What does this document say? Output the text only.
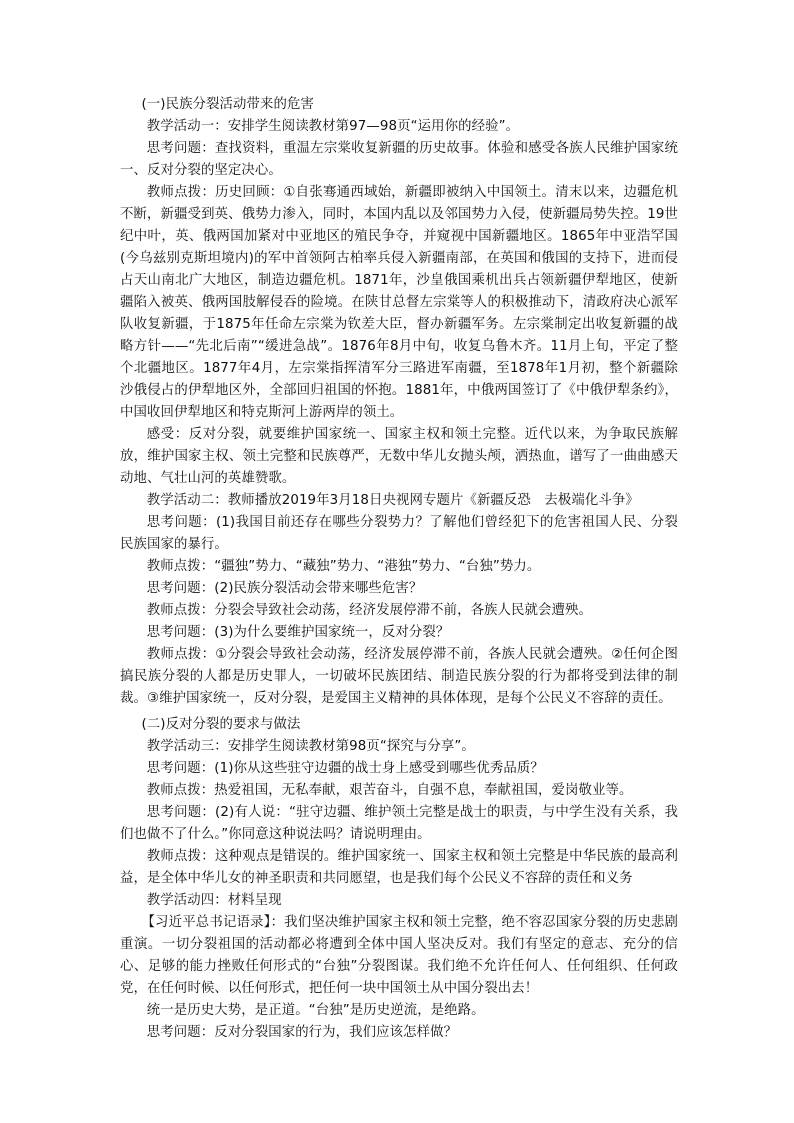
(一)民族分裂活动带来的危害

教学活动一：安排学生阅读教材第97—98页“运用你的经验”。

思考问题：查找资料，重温左宗棠收复新疆的历史故事。体验和感受各族人民维护国家统一、反对分裂的坚定决心。

教师点拨：历史回顾：①自张骞通西域始，新疆即被纳入中国领土。清末以来，边疆危机不断，新疆受到英、俄势力渗入，同时，本国内乱以及邻国势力入侵，使新疆局势失控。19世纪中叶，英、俄两国加紧对中亚地区的殖民争夺，并窥视中国新疆地区。1865年中亚浩罕国(今乌兹别克斯坦境内)的军中首领阿古柏率兵侵入新疆南部，在英国和俄国的支持下，进而侵占天山南北广大地区，制造边疆危机。1871年，沙皇俄国乘机出兵占领新疆伊犁地区，使新疆陷入被英、俄两国肢解侵吞的险境。在陕甘总督左宗棠等人的积极推动下，清政府决心派军队收复新疆，于1875年任命左宗棠为钦差大臣，督办新疆军务。左宗棠制定出收复新疆的战略方针——“先北后南”“缓进急战”。1876年8月中旬，收复乌鲁木齐。11月上旬，平定了整个北疆地区。1877年4月，左宗棠指挥清军分三路进军南疆，至1878年1月初，整个新疆除沙俄侵占的伊犁地区外，全部回归祖国的怀抱。1881年，中俄两国签订了《中俄伊犁条约》，中国收回伊犁地区和特克斯河上游两岸的领土。

感受：反对分裂，就要维护国家统一、国家主权和领土完整。近代以来，为争取民族解放，维护国家主权、领土完整和民族尊严，无数中华儿女抛头颅，洒热血，谱写了一曲曲感天动地、气壮山河的英雄赞歌。

教学活动二：教师播放2019年3月18日央视网专题片《新疆反恐　去极端化斗争》

思考问题：(1)我国目前还存在哪些分裂势力？了解他们曾经犯下的危害祖国人民、分裂民族国家的暴行。

教师点拨：“疆独”势力、“藏独”势力、“港独”势力、“台独”势力。

思考问题：(2)民族分裂活动会带来哪些危害？

教师点拨：分裂会导致社会动荡，经济发展停滞不前，各族人民就会遭殃。

思考问题：(3)为什么要维护国家统一，反对分裂？

教师点拨：①分裂会导致社会动荡，经济发展停滞不前，各族人民就会遭殃。②任何企图搞民族分裂的人都是历史罪人，一切破坏民族团结、制造民族分裂的行为都将受到法律的制裁。③维护国家统一，反对分裂，是爱国主义精神的具体体现，是每个公民义不容辞的责任。

(二)反对分裂的要求与做法

教学活动三：安排学生阅读教材第98页“探究与分享”。

思考问题：(1)你从这些驻守边疆的战士身上感受到哪些优秀品质？

教师点拨：热爱祖国，无私奉献，艰苦奋斗，自强不息，奉献祖国，爱岗敬业等。

思考问题：(2)有人说：“驻守边疆、维护领土完整是战士的职责，与中学生没有关系，我们也做不了什么。”你同意这种说法吗？请说明理由。

教师点拨：这种观点是错误的。维护国家统一、国家主权和领土完整是中华民族的最高利益，是全体中华儿女的神圣职责和共同愿望，也是我们每个公民义不容辞的责任和义务

教学活动四：材料呈现

【习近平总书记语录】：我们坚决维护国家主权和领土完整，绝不容忍国家分裂的历史悲剧重演。一切分裂祖国的活动都必将遭到全体中国人坚决反对。我们有坚定的意志、充分的信心、足够的能力挫败任何形式的“台独”分裂图谋。我们绝不允许任何人、任何组织、任何政党，在任何时候、以任何形式，把任何一块中国领土从中国分裂出去！

统一是历史大势，是正道。“台独”是历史逆流，是绝路。

思考问题：反对分裂国家的行为，我们应该怎样做？
